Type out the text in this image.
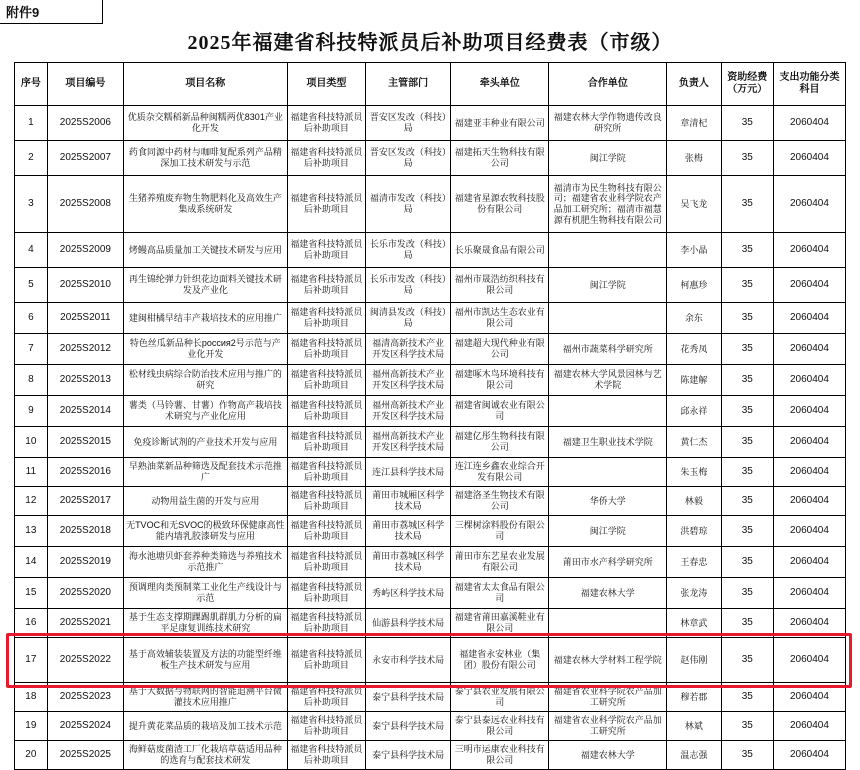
附件9
2025年福建省科技特派员后补助项目经费表（市级）
序号	项目编号	项目名称	项目类型	主管部门	牵头单位	合作单位	负责人	资助经费（万元）	支出功能分类科目
1	2025S2006	优质杂交糯稻新品种闽糯两优8301产业化开发	福建省科技特派员后补助项目	晋安区发改（科技）局	福建亚丰种业有限公司	福建农林大学作物遗传改良研究所	章清杞	35	2060404
2	2025S2007	药食同源中药材与咖啡复配系列产品精深加工技术研发与示范	福建省科技特派员后补助项目	晋安区发改（科技）局	福建拓天生物科技有限公司	闽江学院	张梅	35	2060404
3	2025S2008	生猪养殖废弃物生物肥料化及高效生产集成系统研发	福建省科技特派员后补助项目	福清市发改（科技）局	福建省星源农牧科技股份有限公司	福清市为民生物科技有限公司；福建省农业科学院农产品加工研究所；福清市福慧源有机肥生物科技有限公司	吴飞龙	35	2060404
4	2025S2009	烤鳗高品质量加工关键技术研发与应用	福建省科技特派员后补助项目	长乐市发改（科技）局	长乐聚晟食品有限公司		李小晶	35	2060404
5	2025S2010	再生锦纶弹力针织花边面料关键技术研发及产业化	福建省科技特派员后补助项目	长乐市发改（科技）局	福州市晟浩纺织科技有限公司	闽江学院	柯惠珍	35	2060404
6	2025S2011	建闽柑橘早结丰产栽培技术的应用推广	福建省科技特派员后补助项目	闽清县发改（科技）局	福州市凯达生态农业有限公司		余东	35	2060404
7	2025S2012	特色丝瓜新品种长россия2号示范与产业化开发	福建省科技特派员后补助项目	福清高新技术产业开发区科学技术局	福建超大现代种业有限公司	福州市蔬菜科学研究所	花秀凤	35	2060404
8	2025S2013	松材线虫病综合防治技术应用与推广的研究	福建省科技特派员后补助项目	福州高新技术产业开发区科学技术局	福建啄木鸟环境科技有限公司	福建农林大学风景园林与艺术学院	陈建解	35	2060404
9	2025S2014	薯类（马铃薯、甘薯）作物高产栽培技术研究与产业化应用	福建省科技特派员后补助项目	福州高新技术产业开发区科学技术局	福建省闽诚农业有限公司		邱永祥	35	2060404
10	2025S2015	免疫诊断试剂的产业技术开发与应用	福建省科技特派员后补助项目	福州高新技术产业开发区科学技术局	福建亿彤生物科技有限公司	福建卫生职业技术学院	黄仁杰	35	2060404
11	2025S2016	早熟油菜新品种筛选及配套技术示范推广	福建省科技特派员后补助项目	连江县科学技术局	连江连乡鑫农业综合开发有限公司		朱玉梅	35	2060404
12	2025S2017	动物用益生菌的开发与应用	福建省科技特派员后补助项目	莆田市城厢区科学技术局	福建洛圣生物技术有限公司	华侨大学	林毅	35	2060404
13	2025S2018	无TVOC和无SVOC的极致环保健康高性能内墙乳胶漆研发与应用	福建省科技特派员后补助项目	莆田市荔城区科学技术局	三棵树涂料股份有限公司	闽江学院	洪碧琼	35	2060404
14	2025S2019	海水池塘贝虾套养种类筛选与养殖技术示范推广	福建省科技特派员后补助项目	莆田市荔城区科学技术局	莆田市东艺星农业发展有限公司	莆田市水产科学研究所	王春忠	35	2060404
15	2025S2020	预调理肉类预制菜工业化生产线设计与示范	福建省科技特派员后补助项目	秀屿区科学技术局	福建省太太食品有限公司	福建农林大学	张龙涛	35	2060404
16	2025S2021	基于生态支撑期踝踢肌群肌力分析的扁平足康复训练技术研究	福建省科技特派员后补助项目	仙游县科学技术局	福建省莆田嘉溪鞋业有限公司		林章武	35	2060404
17	2025S2022	基于高效辅装装置及方法的功能型纤维板生产技术研发与应用	福建省科技特派员后补助项目	永安市科学技术局	福建省永安林业（集团）股份有限公司	福建农林大学材料工程学院	赵伟刚	35	2060404
18	2025S2023	基于大数据与物联网的智能追溯平台微灌技术应用推广	福建省科技特派员后补助项目	泰宁县科学技术局	泰宁县农业发展有限公司	福建省农业科学院农产品加工研究所	穆若郡	35	2060404
19	2025S2024	提升黄花菜品质的栽培及加工技术示范	福建省科技特派员后补助项目	泰宁县科学技术局	泰宁县泰远农业科技有限公司	福建省农业科学院农产品加工研究所	林斌	35	2060404
20	2025S2025	海鲜菇废菌渣工厂化栽培草菇适用品种的选育与配套技术研发	福建省科技特派员后补助项目	泰宁县科学技术局	三明市运康农业科技有限公司	福建农林大学	温志强	35	2060404
